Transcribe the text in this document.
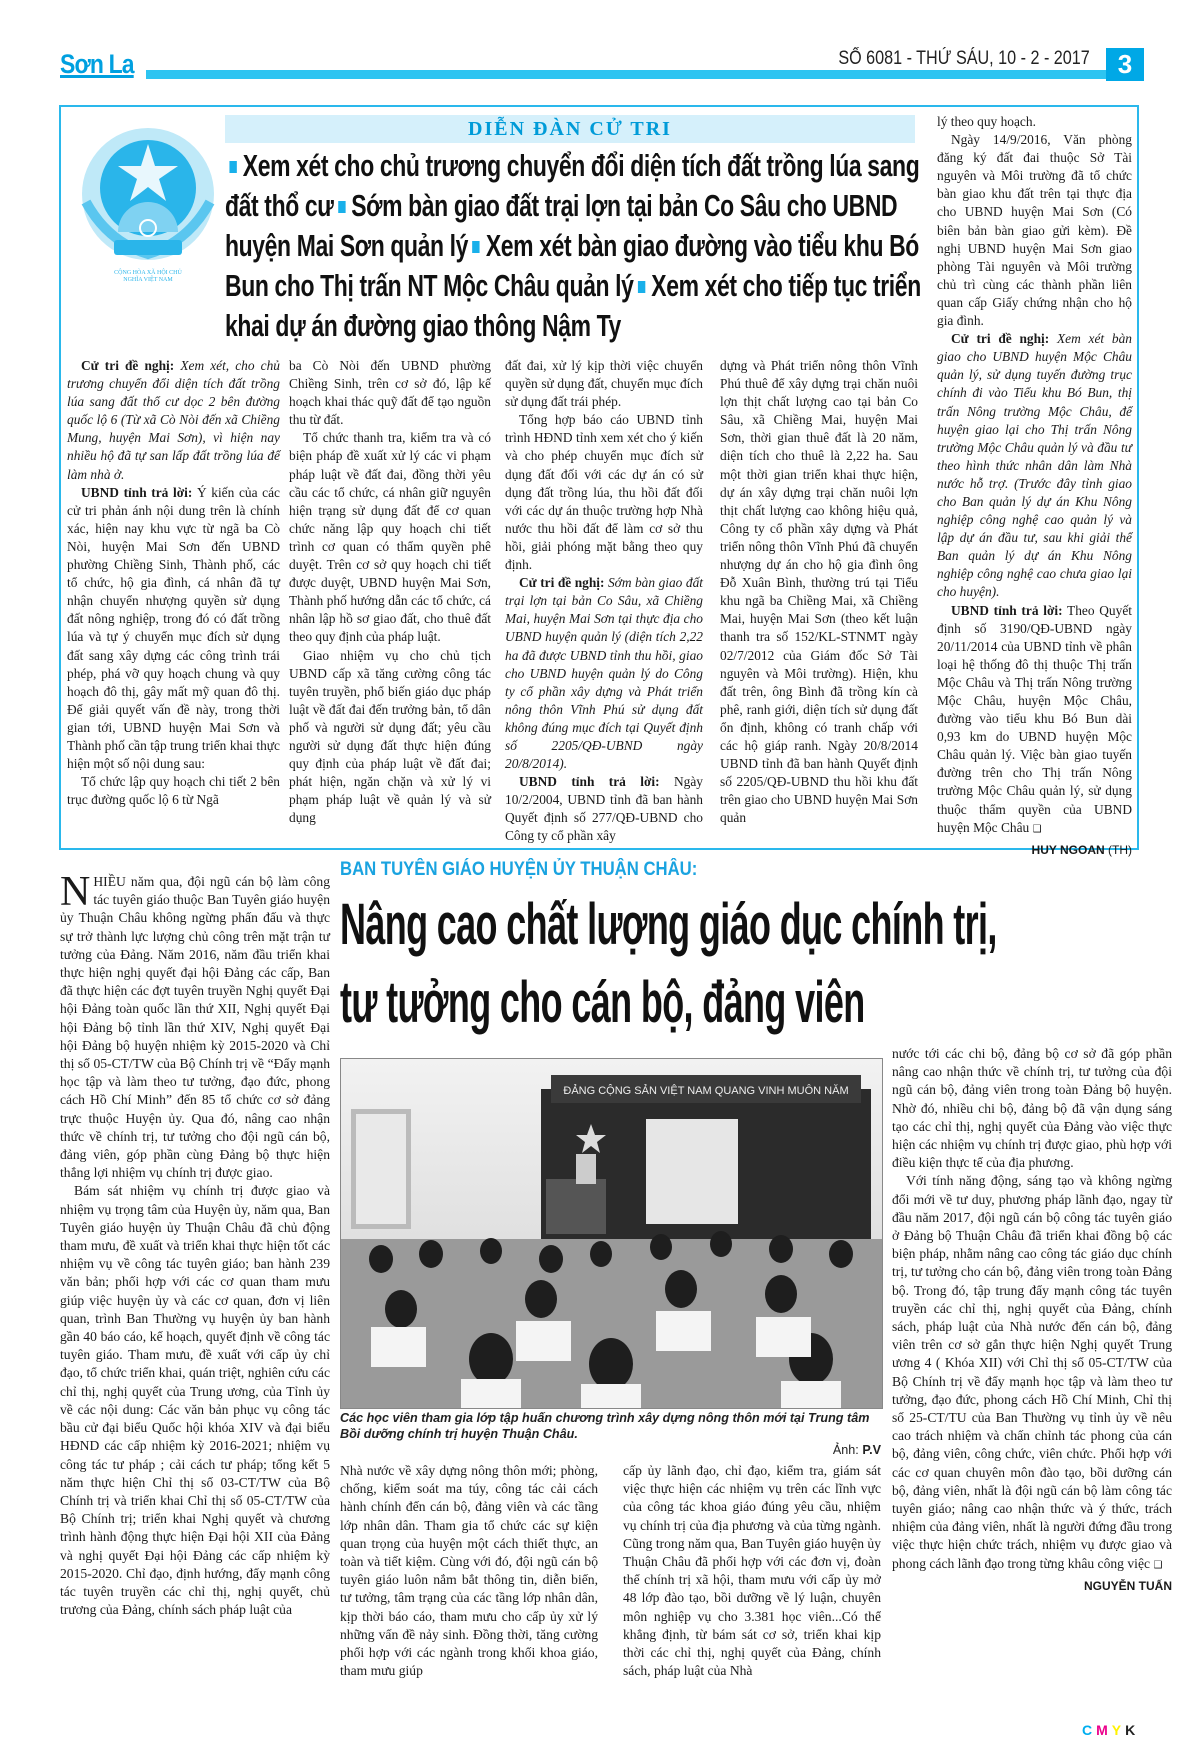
Sơn La	SỐ 6081 - THỨ SÁU, 10 - 2 - 2017	3
CỘNG HÒA XÃ HỘI CHỦ NGHĨA VIỆT NAM
DIỄN ĐÀN CỬ TRI
Xem xét cho chủ trương chuyển đổi diện tích đất trồng lúa sang đất thổ cư Sớm bàn giao đất trại lợn tại bản Co Sâu cho UBND huyện Mai Sơn quản lý Xem xét bàn giao đường vào tiểu khu Bó Bun cho Thị trấn NT Mộc Châu quản lý Xem xét cho tiếp tục triển khai dự án đường giao thông Nậm Ty

Cử tri đề nghị: Xem xét, cho chủ trương chuyển đổi diện tích đất trồng lúa sang đất thổ cư dọc 2 bên đường quốc lộ 6 (Từ xã Cò Nòi đến xã Chiềng Mung, huyện Mai Sơn), vì hiện nay nhiều hộ đã tự san lấp đất trồng lúa để làm nhà ở.

UBND tỉnh trả lời: Ý kiến của các cử tri phản ánh nội dung trên là chính xác, hiện nay khu vực từ ngã ba Cò Nòi, huyện Mai Sơn đến UBND phường Chiềng Sinh, Thành phố, các tổ chức, hộ gia đình, cá nhân đã tự nhận chuyển nhượng quyền sử dụng đất nông nghiệp, trong đó có đất trồng lúa và tự ý chuyển mục đích sử dụng đất sang xây dựng các công trình trái phép, phá vỡ quy hoạch chung và quy hoạch đô thị, gây mất mỹ quan đô thị. Để giải quyết vấn đề này, trong thời gian tới, UBND huyện Mai Sơn và Thành phố cần tập trung triển khai thực hiện một số nội dung sau:

Tổ chức lập quy hoạch chi tiết 2 bên trục đường quốc lộ 6 từ Ngã

ba Cò Nòi đến UBND phường Chiềng Sinh, trên cơ sở đó, lập kế hoạch khai thác quỹ đất để tạo nguồn thu từ đất.

Tổ chức thanh tra, kiểm tra và có biện pháp đề xuất xử lý các vi phạm pháp luật về đất đai, đồng thời yêu cầu các tổ chức, cá nhân giữ nguyên hiện trạng sử dụng đất để cơ quan chức năng lập quy hoạch chi tiết trình cơ quan có thẩm quyền phê duyệt. Trên cơ sở quy hoạch chi tiết được duyệt, UBND huyện Mai Sơn, Thành phố hướng dẫn các tổ chức, cá nhân lập hồ sơ giao đất, cho thuê đất theo quy định của pháp luật.

Giao nhiệm vụ cho chủ tịch UBND cấp xã tăng cường công tác tuyên truyền, phổ biến giáo dục pháp luật về đất đai đến trưởng bản, tổ dân phố và người sử dụng đất; yêu cầu người sử dụng đất thực hiện đúng quy định của pháp luật về đất đai; phát hiện, ngăn chặn và xử lý vi phạm pháp luật về quản lý và sử dụng

đất đai, xử lý kịp thời việc chuyển quyền sử dụng đất, chuyển mục đích sử dụng đất trái phép.

Tổng hợp báo cáo UBND tỉnh trình HĐND tỉnh xem xét cho ý kiến và cho phép chuyển mục đích sử dụng đất đối với các dự án có sử dụng đất trồng lúa, thu hồi đất đối với các dự án thuộc trường hợp Nhà nước thu hồi đất để làm cơ sở thu hồi, giải phóng mặt bằng theo quy định.

Cử tri đề nghị: Sớm bàn giao đất trại lợn tại bản Co Sâu, xã Chiềng Mai, huyện Mai Sơn tại thực địa cho UBND huyện quản lý (diện tích 2,22 ha đã được UBND tỉnh thu hồi, giao cho UBND huyện quản lý do Công ty cổ phần xây dựng và Phát triển nông thôn Vĩnh Phú sử dụng đất không đúng mục đích tại Quyết định số 2205/QĐ-UBND ngày 20/8/2014).

UBND tỉnh trả lời: Ngày 10/2/2004, UBND tỉnh đã ban hành Quyết định số 277/QĐ-UBND cho Công ty cổ phần xây

dựng và Phát triển nông thôn Vĩnh Phú thuê để xây dựng trại chăn nuôi lợn thịt chất lượng cao tại bản Co Sâu, xã Chiềng Mai, huyện Mai Sơn, thời gian thuê đất là 20 năm, diện tích cho thuê là 2,22 ha. Sau một thời gian triển khai thực hiện, dự án xây dựng trại chăn nuôi lợn thịt chất lượng cao không hiệu quả, Công ty cổ phần xây dựng và Phát triển nông thôn Vĩnh Phú đã chuyển nhượng dự án cho hộ gia đình ông Đỗ Xuân Bình, thường trú tại Tiểu khu ngã ba Chiềng Mai, xã Chiềng Mai, huyện Mai Sơn (theo kết luận thanh tra số 152/KL-STNMT ngày 02/7/2012 của Giám đốc Sở Tài nguyên và Môi trường). Hiện, khu đất trên, ông Bình đã trồng kín cà phê, ranh giới, diện tích sử dụng đất ổn định, không có tranh chấp với các hộ giáp ranh. Ngày 20/8/2014 UBND tỉnh đã ban hành Quyết định số 2205/QĐ-UBND thu hồi khu đất trên giao cho UBND huyện Mai Sơn quản

lý theo quy hoạch.

Ngày 14/9/2016, Văn phòng đăng ký đất đai thuộc Sở Tài nguyên và Môi trường đã tổ chức bàn giao khu đất trên tại thực địa cho UBND huyện Mai Sơn (Có biên bản bàn giao gửi kèm). Đề nghị UBND huyện Mai Sơn giao phòng Tài nguyên và Môi trường chủ trì cùng các thành phần liên quan cấp Giấy chứng nhận cho hộ gia đình.

Cử tri đề nghị: Xem xét bàn giao cho UBND huyện Mộc Châu quản lý, sử dụng tuyến đường trục chính đi vào Tiểu khu Bó Bun, thị trấn Nông trường Mộc Châu, để huyện giao lại cho Thị trấn Nông trường Mộc Châu quản lý và đầu tư theo hình thức nhân dân làm Nhà nước hỗ trợ. (Trước đây tỉnh giao cho Ban quản lý dự án Khu Nông nghiệp công nghệ cao quản lý và lập dự án đầu tư, sau khi giải thể Ban quản lý dự án Khu Nông nghiệp công nghệ cao chưa giao lại cho huyện).

UBND tỉnh trả lời: Theo Quyết định số 3190/QĐ-UBND ngày 20/11/2014 của UBND tỉnh về phân loại hệ thống đô thị thuộc Thị trấn Mộc Châu và Thị trấn Nông trường Mộc Châu, huyện Mộc Châu, đường vào tiểu khu Bó Bun dài 0,93 km do UBND huyện Mộc Châu quản lý. Việc bàn giao tuyến đường trên cho Thị trấn Nông trường Mộc Châu quản lý, sử dụng thuộc thẩm quyền của UBND huyện Mộc Châu ❑

HUY NGOAN (TH)
BAN TUYÊN GIÁO HUYỆN ỦY THUẬN CHÂU:
Nâng cao chất lượng giáo dục chính trị,
tư tưởng cho cán bộ, đảng viên

NHIỀU năm qua, đội ngũ cán bộ làm công tác tuyên giáo thuộc Ban Tuyên giáo huyện ủy Thuận Châu không ngừng phấn đấu và thực sự trở thành lực lượng chủ công trên mặt trận tư tưởng của Đảng. Năm 2016, năm đầu triển khai thực hiện nghị quyết đại hội Đảng các cấp, Ban đã thực hiện các đợt tuyên truyền Nghị quyết Đại hội Đảng toàn quốc lần thứ XII, Nghị quyết Đại hội Đảng bộ tỉnh lần thứ XIV, Nghị quyết Đại hội Đảng bộ huyện nhiệm kỳ 2015-2020 và Chỉ thị số 05-CT/TW của Bộ Chính trị về “Đẩy mạnh học tập và làm theo tư tưởng, đạo đức, phong cách Hồ Chí Minh” đến 85 tổ chức cơ sở đảng trực thuộc Huyện ủy. Qua đó, nâng cao nhận thức về chính trị, tư tưởng cho đội ngũ cán bộ, đảng viên, góp phần cùng Đảng bộ thực hiện thắng lợi nhiệm vụ chính trị được giao.

Bám sát nhiệm vụ chính trị được giao và nhiệm vụ trọng tâm của Huyện ủy, năm qua, Ban Tuyên giáo huyện ủy Thuận Châu đã chủ động tham mưu, đề xuất và triển khai thực hiện tốt các nhiệm vụ về công tác tuyên giáo; ban hành 239 văn bản; phối hợp với các cơ quan tham mưu giúp việc huyện ủy và các cơ quan, đơn vị liên quan, trình Ban Thường vụ huyện ủy ban hành gần 40 báo cáo, kế hoạch, quyết định về công tác tuyên giáo. Tham mưu, đề xuất với cấp ủy chỉ đạo, tổ chức triển khai, quán triệt, nghiên cứu các chỉ thị, nghị quyết của Trung ương, của Tỉnh ủy về các nội dung: Các văn bản phục vụ công tác bầu cử đại biểu Quốc hội khóa XIV và đại biểu HĐND các cấp nhiệm kỳ 2016-2021; nhiệm vụ công tác tư pháp ; cải cách tư pháp; tổng kết 5 năm thực hiện Chỉ thị số 03-CT/TW của Bộ Chính trị và triển khai Chỉ thị số 05-CT/TW của Bộ Chính trị; triển khai Nghị quyết và chương trình hành động thực hiện Đại hội XII của Đảng và nghị quyết Đại hội Đảng các cấp nhiệm kỳ 2015-2020. Chỉ đạo, định hướng, đẩy mạnh công tác tuyên truyền các chỉ thị, nghị quyết, chủ trương của Đảng, chính sách pháp luật của

ĐẢNG CỘNG SẢN VIỆT NAM QUANG VINH MUÔN NĂM
Các học viên tham gia lớp tập huấn chương trình xây dựng nông thôn mới tại Trung tâm Bồi dưỡng chính trị huyện Thuận Châu.
Ảnh: P.V

Nhà nước về xây dựng nông thôn mới; phòng, chống, kiểm soát ma túy, công tác cải cách hành chính đến cán bộ, đảng viên và các tầng lớp nhân dân. Tham gia tổ chức các sự kiện quan trọng của huyện một cách thiết thực, an toàn và tiết kiệm. Cùng với đó, đội ngũ cán bộ tuyên giáo luôn nắm bắt thông tin, diễn biến, tư tưởng, tâm trạng của các tầng lớp nhân dân, kịp thời báo cáo, tham mưu cho cấp ủy xử lý những vấn đề nảy sinh. Đồng thời, tăng cường phối hợp với các ngành trong khối khoa giáo, tham mưu giúp

cấp ủy lãnh đạo, chỉ đạo, kiểm tra, giám sát việc thực hiện các nhiệm vụ trên các lĩnh vực của công tác khoa giáo đúng yêu cầu, nhiệm vụ chính trị của địa phương và của từng ngành. Cũng trong năm qua, Ban Tuyên giáo huyện ủy Thuận Châu đã phối hợp với các đơn vị, đoàn thể chính trị xã hội, tham mưu với cấp ủy mở 48 lớp đào tạo, bồi dưỡng về lý luận, chuyên môn nghiệp vụ cho 3.381 học viên...Có thể khẳng định, từ bám sát cơ sở, triển khai kịp thời các chỉ thị, nghị quyết của Đảng, chính sách, pháp luật của Nhà

nước tới các chi bộ, đảng bộ cơ sở đã góp phần nâng cao nhận thức về chính trị, tư tưởng của đội ngũ cán bộ, đảng viên trong toàn Đảng bộ huyện. Nhờ đó, nhiều chi bộ, đảng bộ đã vận dụng sáng tạo các chỉ thị, nghị quyết của Đảng vào việc thực hiện các nhiệm vụ chính trị được giao, phù hợp với điều kiện thực tế của địa phương.

Với tính năng động, sáng tạo và không ngừng đổi mới về tư duy, phương pháp lãnh đạo, ngay từ đầu năm 2017, đội ngũ cán bộ công tác tuyên giáo ở Đảng bộ Thuận Châu đã triển khai đồng bộ các biện pháp, nhằm nâng cao công tác giáo dục chính trị, tư tưởng cho cán bộ, đảng viên trong toàn Đảng bộ. Trong đó, tập trung đẩy mạnh công tác tuyên truyền các chỉ thị, nghị quyết của Đảng, chính sách, pháp luật của Nhà nước đến cán bộ, đảng viên trên cơ sở gắn thực hiện Nghị quyết Trung ương 4 ( Khóa XII) với Chỉ thị số 05-CT/TW của Bộ Chính trị về đẩy mạnh học tập và làm theo tư tưởng, đạo đức, phong cách Hồ Chí Minh, Chỉ thị số 25-CT/TU của Ban Thường vụ tỉnh ủy về nêu cao trách nhiệm và chấn chỉnh tác phong của cán bộ, đảng viên, công chức, viên chức. Phối hợp với các cơ quan chuyên môn đào tạo, bồi dưỡng cán bộ, đảng viên, nhất là đội ngũ cán bộ làm công tác tuyên giáo; nâng cao nhận thức và ý thức, trách nhiệm của đảng viên, nhất là người đứng đầu trong việc thực hiện chức trách, nhiệm vụ được giao và phong cách lãnh đạo trong từng khâu công việc ❑

NGUYỄN TUẤN
CMYK
